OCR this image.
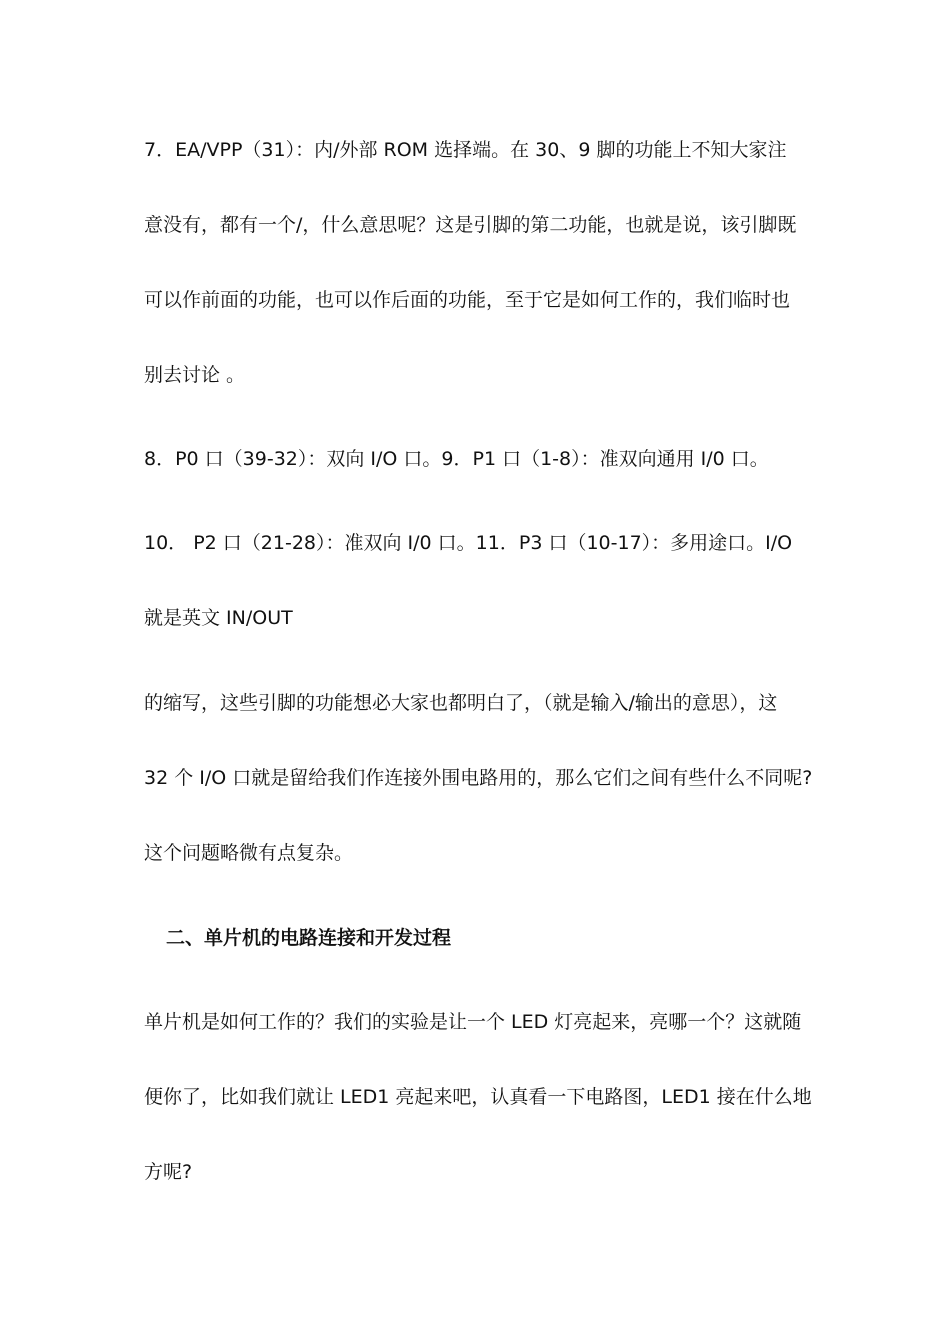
7．EA/VPP（31）：内/外部 ROM 选择端。在 30、9 脚的功能上不知大家注
意没有，都有一个/，什么意思呢？这是引脚的第二功能，也就是说，该引脚既
可以作前面的功能，也可以作后面的功能，至于它是如何工作的，我们临时也
别去讨论 。
8．P0 口（39-32）：双向 I/O 口。9．P1 口（1-8）：准双向通用 I/0 口。
10． P2 口（21-28）：准双向 I/0 口。11．P3 口（10-17）：多用途口。I/O
就是英文 IN/OUT
的缩写，这些引脚的功能想必大家也都明白了，（就是输入/输出的意思），这
32 个 I/O 口就是留给我们作连接外围电路用的，那么它们之间有些什么不同呢?
这个问题略微有点复杂。
二、单片机的电路连接和开发过程
单片机是如何工作的？我们的实验是让一个 LED 灯亮起来，亮哪一个？这就随
便你了，比如我们就让 LED1 亮起来吧，认真看一下电路图，LED1 接在什么地
方呢?
